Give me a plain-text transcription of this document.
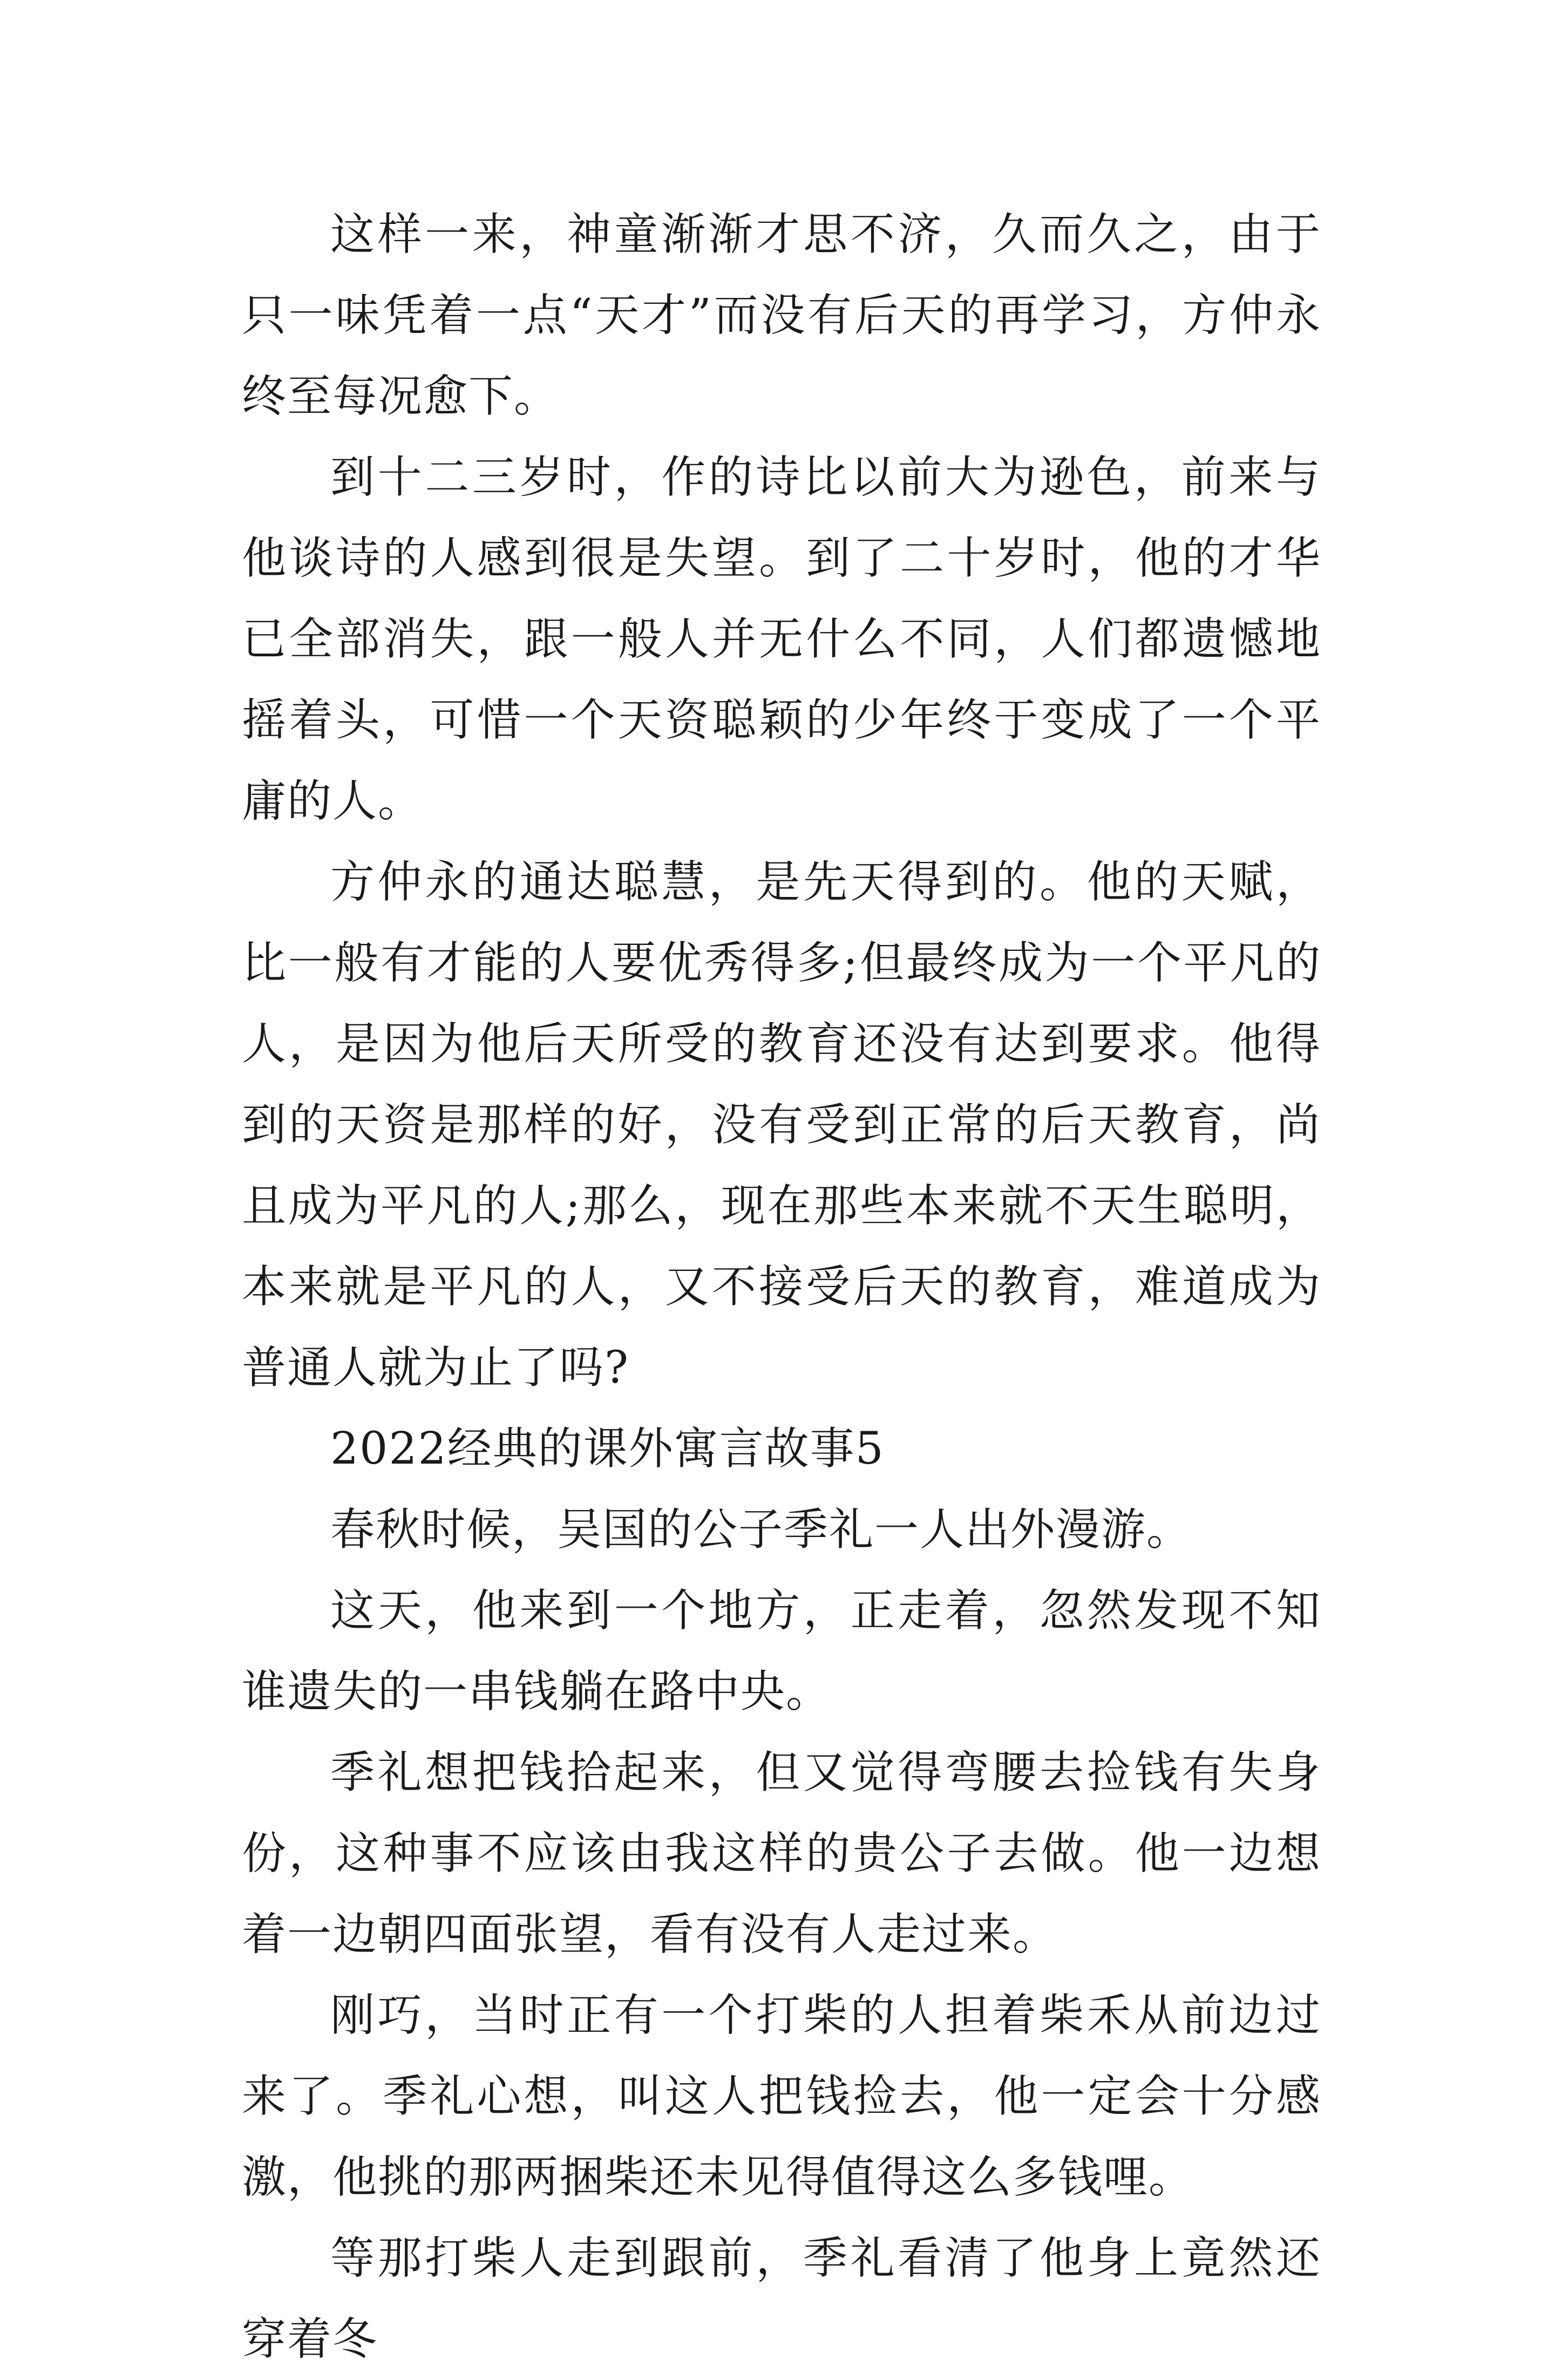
这样一来，神童渐渐才思不济，久而久之，由于只一味凭着一点“天才”而没有后天的再学习，方仲永终至每况愈下。

到十二三岁时，作的诗比以前大为逊色，前来与他谈诗的人感到很是失望。到了二十岁时，他的才华已全部消失，跟一般人并无什么不同，人们都遗憾地摇着头，可惜一个天资聪颖的少年终于变成了一个平庸的人。

方仲永的通达聪慧，是先天得到的。他的天赋，比一般有才能的人要优秀得多;但最终成为一个平凡的人，是因为他后天所受的教育还没有达到要求。他得到的天资是那样的好，没有受到正常的后天教育，尚且成为平凡的人;那么，现在那些本来就不天生聪明，本来就是平凡的人，又不接受后天的教育，难道成为普通人就为止了吗?

2022经典的课外寓言故事5

春秋时候，吴国的公子季礼一人出外漫游。

这天，他来到一个地方，正走着，忽然发现不知谁遗失的一串钱躺在路中央。

季礼想把钱拾起来，但又觉得弯腰去捡钱有失身份，这种事不应该由我这样的贵公子去做。他一边想着一边朝四面张望，看有没有人走过来。

刚巧，当时正有一个打柴的人担着柴禾从前边过来了。季礼心想，叫这人把钱捡去，他一定会十分感激，他挑的那两捆柴还未见得值得这么多钱哩。

等那打柴人走到跟前，季礼看清了他身上竟然还穿着冬
